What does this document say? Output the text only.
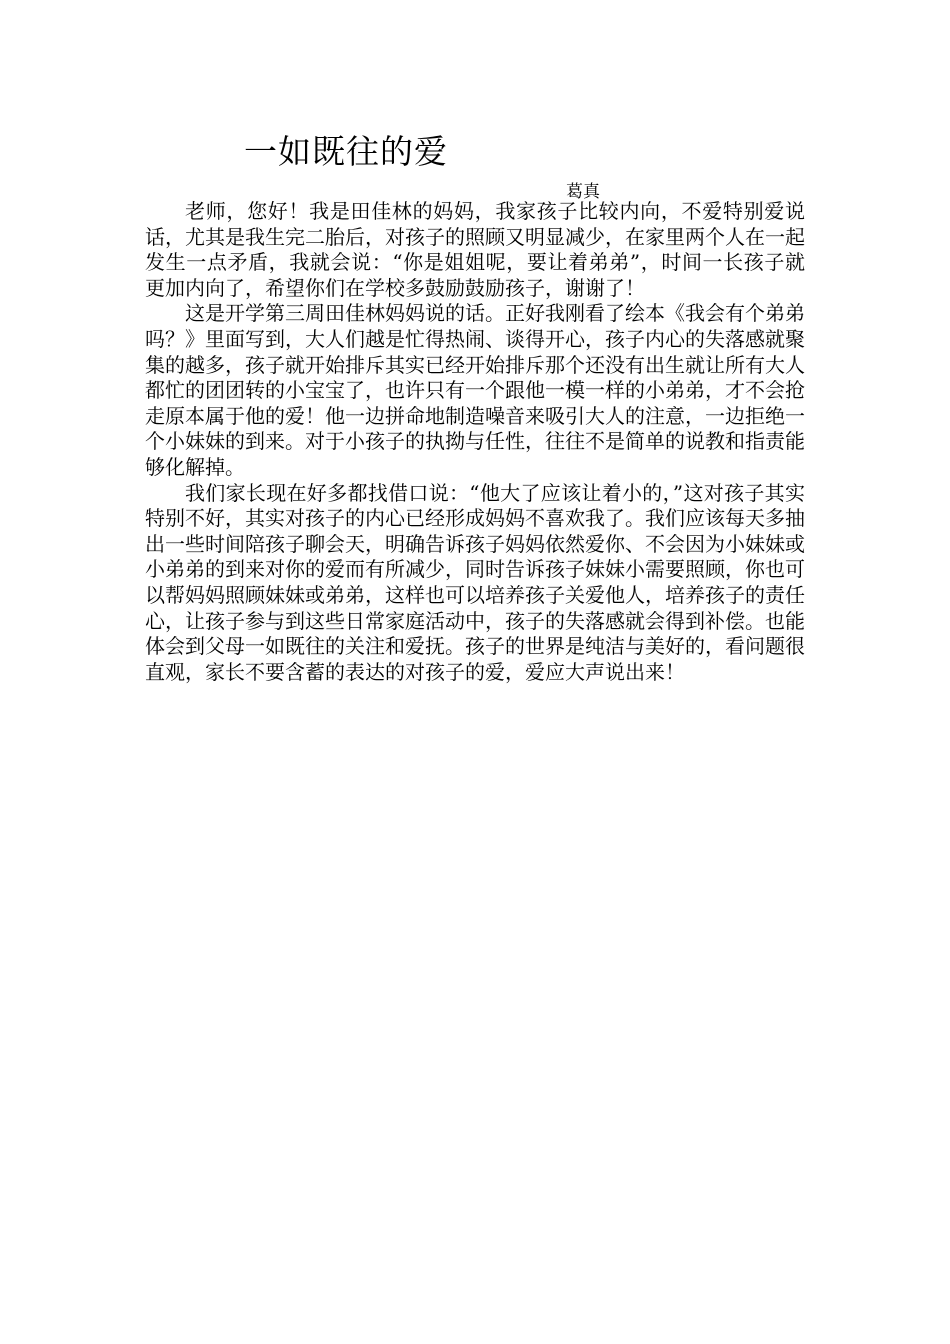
一如既往的爱
葛真

老师，您好！我是田佳林的妈妈，我家孩子比较内向，不爱特别爱说话，尤其是我生完二胎后，对孩子的照顾又明显减少，在家里两个人在一起发生一点矛盾，我就会说：“你是姐姐呢，要让着弟弟”，时间一长孩子就更加内向了，希望你们在学校多鼓励鼓励孩子，谢谢了！

这是开学第三周田佳林妈妈说的话。正好我刚看了绘本《我会有个弟弟吗？》里面写到，大人们越是忙得热闹、谈得开心，孩子内心的失落感就聚集的越多，孩子就开始排斥其实已经开始排斥那个还没有出生就让所有大人都忙的团团转的小宝宝了，也许只有一个跟他一模一样的小弟弟，才不会抢走原本属于他的爱！他一边拼命地制造噪音来吸引大人的注意，一边拒绝一个小妹妹的到来。对于小孩子的执拗与任性，往往不是简单的说教和指责能够化解掉。

我们家长现在好多都找借口说：“他大了应该让着小的，”这对孩子其实特别不好，其实对孩子的内心已经形成妈妈不喜欢我了。我们应该每天多抽出一些时间陪孩子聊会天，明确告诉孩子妈妈依然爱你、不会因为小妹妹或小弟弟的到来对你的爱而有所减少，同时告诉孩子妹妹小需要照顾，你也可以帮妈妈照顾妹妹或弟弟，这样也可以培养孩子关爱他人，培养孩子的责任心，让孩子参与到这些日常家庭活动中，孩子的失落感就会得到补偿。也能体会到父母一如既往的关注和爱抚。孩子的世界是纯洁与美好的，看问题很直观，家长不要含蓄的表达的对孩子的爱，爱应大声说出来！
